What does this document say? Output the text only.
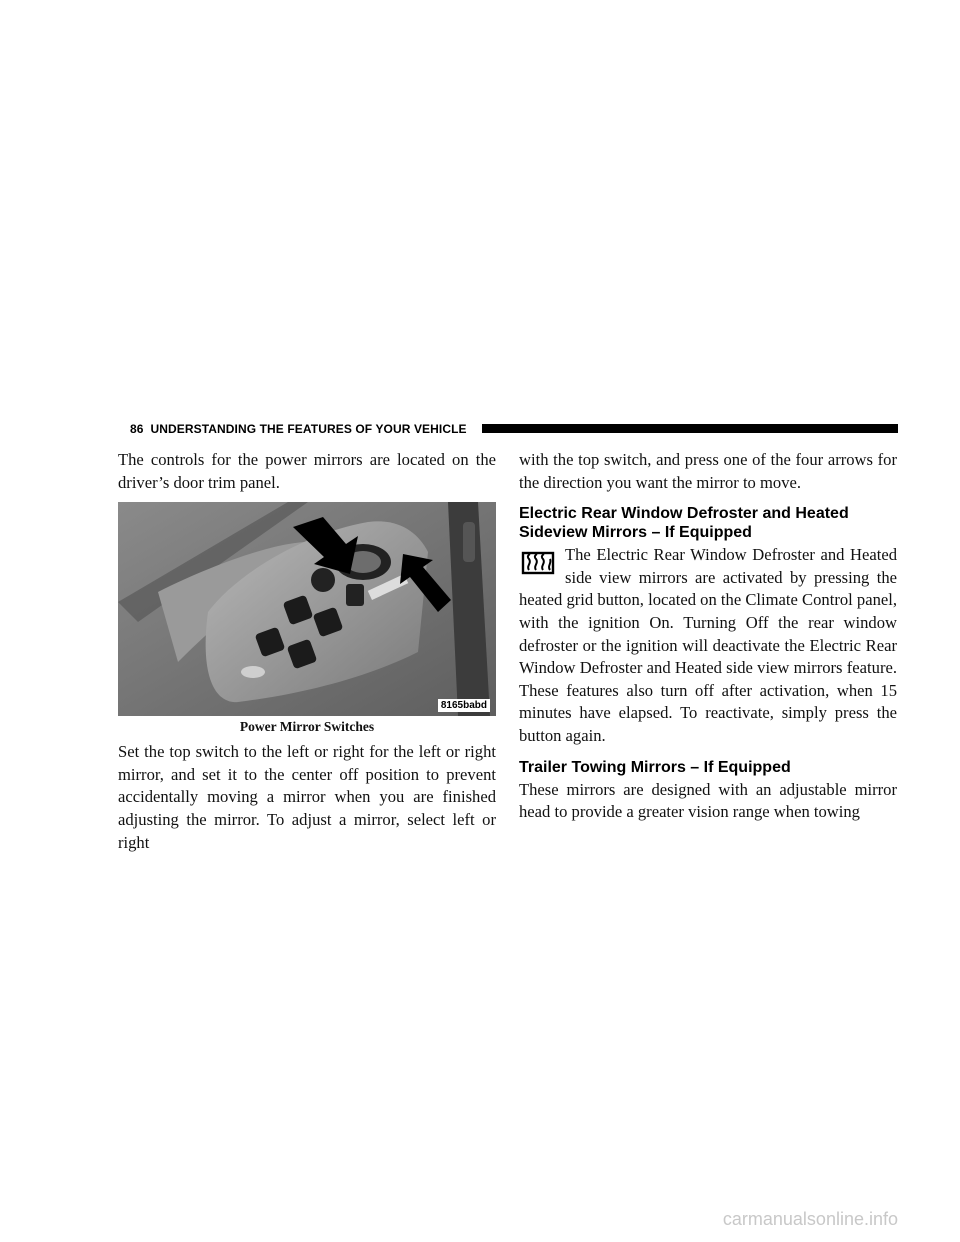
86 UNDERSTANDING THE FEATURES OF YOUR VEHICLE

The controls for the power mirrors are located on the driver’s door trim panel.

8165babd
Power Mirror Switches

Set the top switch to the left or right for the left or right mirror, and set it to the center off position to prevent accidentally moving a mirror when you are finished adjusting the mirror. To adjust a mirror, select left or right

with the top switch, and press one of the four arrows for the direction you want the mirror to move.

Electric Rear Window Defroster and Heated Sideview Mirrors – If Equipped

The Electric Rear Window Defroster and Heated side view mirrors are activated by pressing the heated grid button, located on the Climate Control panel, with the ignition On. Turning Off the rear window defroster or the ignition will deactivate the Electric Rear Window Defroster and Heated side view mirrors feature. These features also turn off after activation, when 15 minutes have elapsed. To reactivate, simply press the button again.

Trailer Towing Mirrors – If Equipped

These mirrors are designed with an adjustable mirror head to provide a greater vision range when towing

carmanualsonline.info
